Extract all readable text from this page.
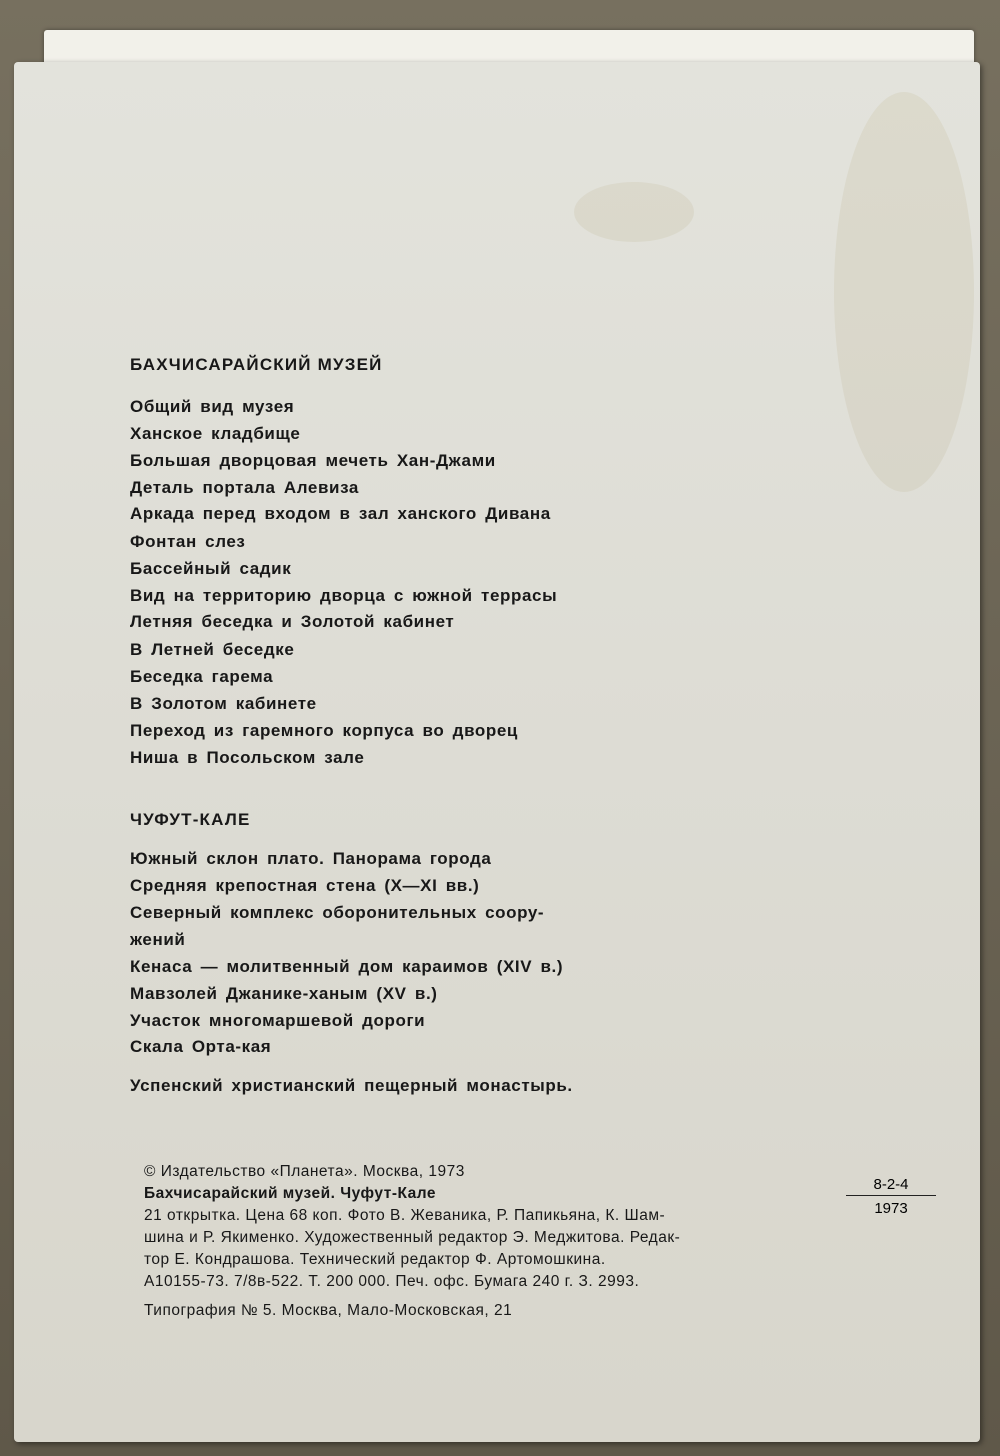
БАХЧИСАРАЙСКИЙ МУЗЕЙ
Общий вид музея
Ханское кладбище
Большая дворцовая мечеть Хан-Джами
Деталь портала Алевиза
Аркада перед входом в зал ханского Дивана
Фонтан слез
Бассейный садик
Вид на территорию дворца с южной террасы
Летняя беседка и Золотой кабинет
В Летней беседке
Беседка гарема
В Золотом кабинете
Переход из гаремного корпуса во дворец
Ниша в Посольском зале
ЧУФУТ-КАЛЕ
Южный склон плато. Панорама города
Средняя крепостная стена (X—XI вв.)
Северный комплекс оборонительных соору-
жений
Кенаса — молитвенный дом караимов (XIV в.)
Мавзолей Джанике-ханым (XV в.)
Участок многомаршевой дороги
Скала Орта-кая
Успенский христианский пещерный монастырь.
© Издательство «Планета». Москва, 1973
Бахчисарайский музей. Чуфут-Кале
21 открытка. Цена 68 коп. Фото В. Жеваника, Р. Папикьяна, К. Шам-
шина и Р. Якименко. Художественный редактор Э. Меджитова. Редак-
тор Е. Кондрашова. Технический редактор Ф. Артомошкина.
А10155-73. 7/8в-522. Т. 200 000. Печ. офс. Бумага 240 г. З. 2993.
Типография № 5. Москва, Мало-Московская, 21
8-2-4
1973
